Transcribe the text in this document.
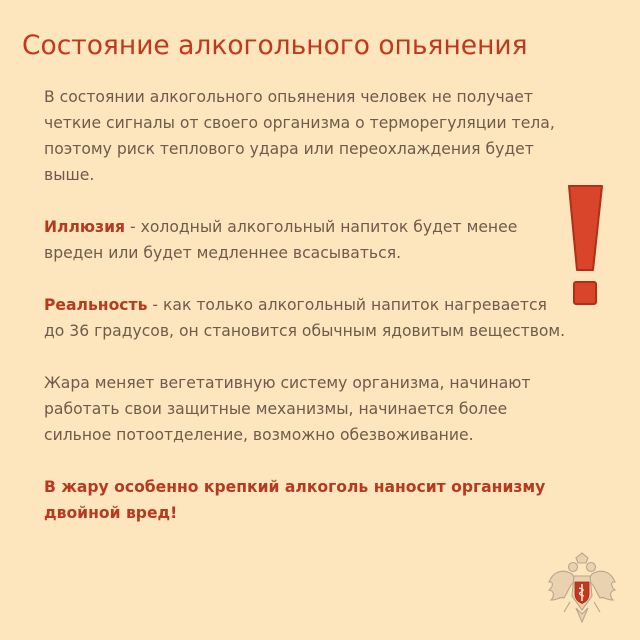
Состояние алкогольного опьянения

В состоянии алкогольного опьянения человек не получает четкие сигналы от своего организма о терморегуляции тела, поэтому риск теплового удара или переохлаждения будет выше.

Иллюзия - холодный алкогольный напиток будет менее вреден или будет медленнее всасываться.

Реальность - как только алкогольный напиток нагревается до 36 градусов, он становится обычным ядовитым веществом.

Жара меняет вегетативную систему организма, начинают работать свои защитные механизмы, начинается более сильное потоотделение, возможно обезвоживание.

В жару особенно крепкий алкоголь наносит организму двойной вред!
